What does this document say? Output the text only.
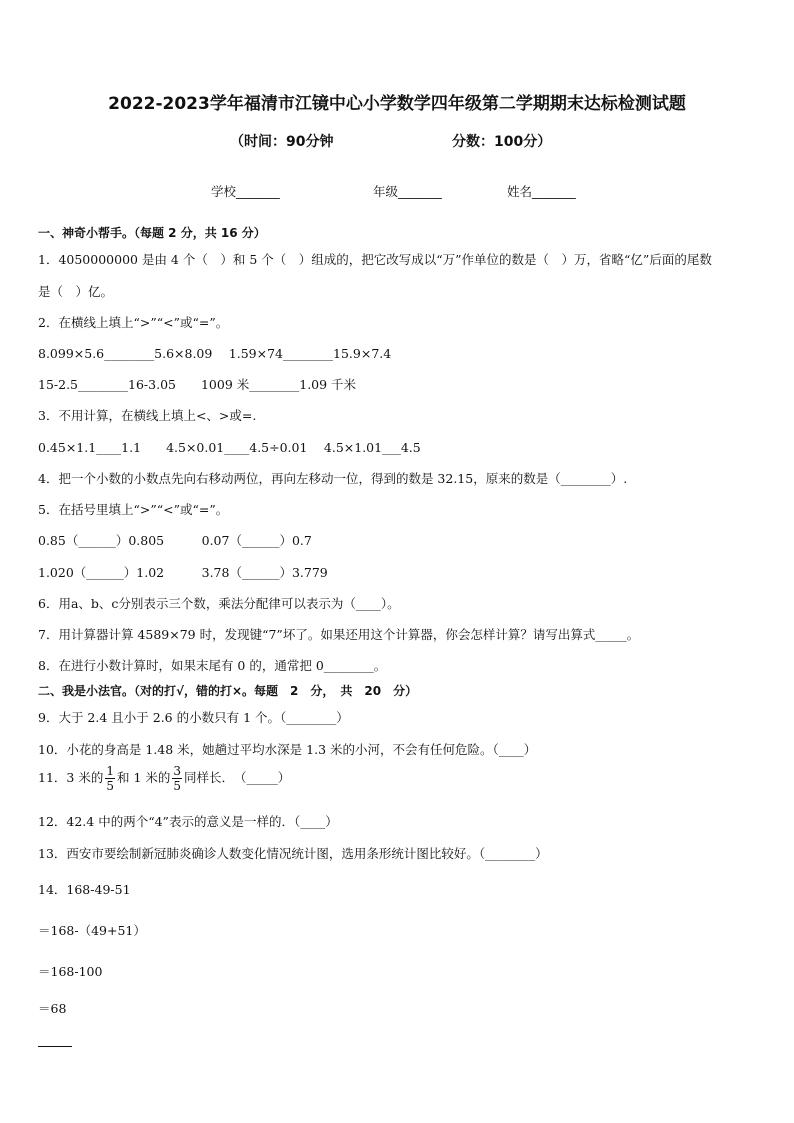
2022-2023学年福清市江镜中心小学数学四年级第二学期期末达标检测试题
（时间：90分钟	分数：100分）
学校_______	年级_______	姓名_______
一、神奇小帮手。（每题 2 分，共 16 分）
1．4050000000 是由 4 个（　）和 5 个（　）组成的，把它改写成以“万”作单位的数是（　）万，省略“亿”后面的尾数
是（　）亿。
2．在横线上填上“>”“<”或“=”。
8.099×5.6________5.6×8.09　 1.59×74________15.9×7.4
15-2.5________16-3.05　　1009 米________1.09 千米
3．不用计算，在横线上填上<、>或=.
0.45×1.1____1.1　　4.5×0.01____4.5÷0.01　 4.5×1.01___4.5
4．把一个小数的小数点先向右移动两位，再向左移动一位，得到的数是 32.15，原来的数是（________）.
5．在括号里填上“>”“<”或“=”。
0.85（______）0.805　　　0.07（______）0.7
1.020（______）1.02　　　3.78（______）3.779
6．用a、b、c分别表示三个数，乘法分配律可以表示为（____）。
7．用计算器计算 4589×79 时，发现键“7”坏了。如果还用这个计算器，你会怎样计算？请写出算式_____。
8．在进行小数计算时，如果末尾有 0 的，通常把 0________。
二、我是小法官。（对的打√，错的打×。每题　2　分，　共　20　分）
9．大于 2.4 且小于 2.6 的小数只有 1 个。（________）
10．小花的身高是 1.48 米，她趟过平均水深是 1.3 米的小河，不会有任何危险。（____）
11．3 米的 $\frac{1}{5}$ 和 1 米的 $\frac{3}{5}$ 同样长．　（_____）
12．42.4 中的两个“4”表示的意义是一样的．（____）
13．西安市要绘制新冠肺炎确诊人数变化情况统计图，选用条形统计图比较好。（________）
14．168-49-51
＝168-（49+51）
＝168-100
＝68
